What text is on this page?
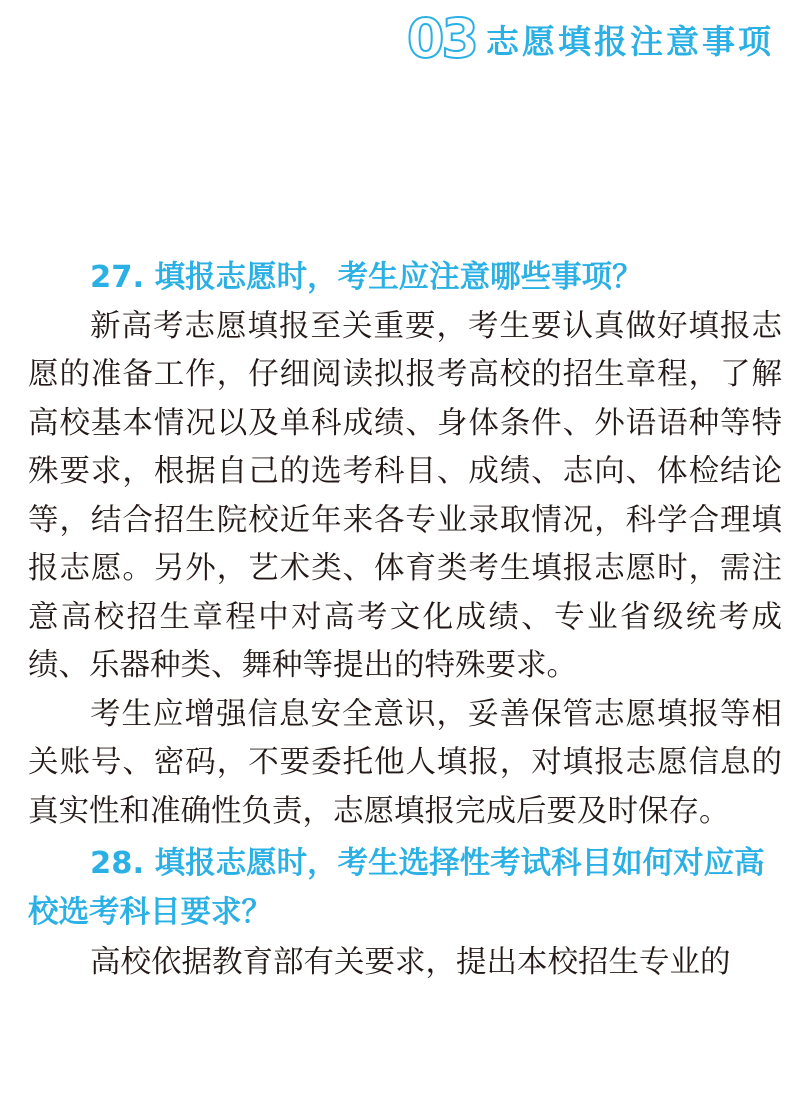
03 志愿填报注意事项

27. 填报志愿时，考生应注意哪些事项？

新高考志愿填报至关重要，考生要认真做好填报志愿的准备工作，仔细阅读拟报考高校的招生章程，了解高校基本情况以及单科成绩、身体条件、外语语种等特殊要求，根据自己的选考科目、成绩、志向、体检结论等，结合招生院校近年来各专业录取情况，科学合理填报志愿。另外，艺术类、体育类考生填报志愿时，需注意高校招生章程中对高考文化成绩、专业省级统考成绩、乐器种类、舞种等提出的特殊要求。

考生应增强信息安全意识，妥善保管志愿填报等相关账号、密码，不要委托他人填报，对填报志愿信息的真实性和准确性负责，志愿填报完成后要及时保存。

28. 填报志愿时，考生选择性考试科目如何对应高校选考科目要求？

高校依据教育部有关要求，提出本校招生专业的
